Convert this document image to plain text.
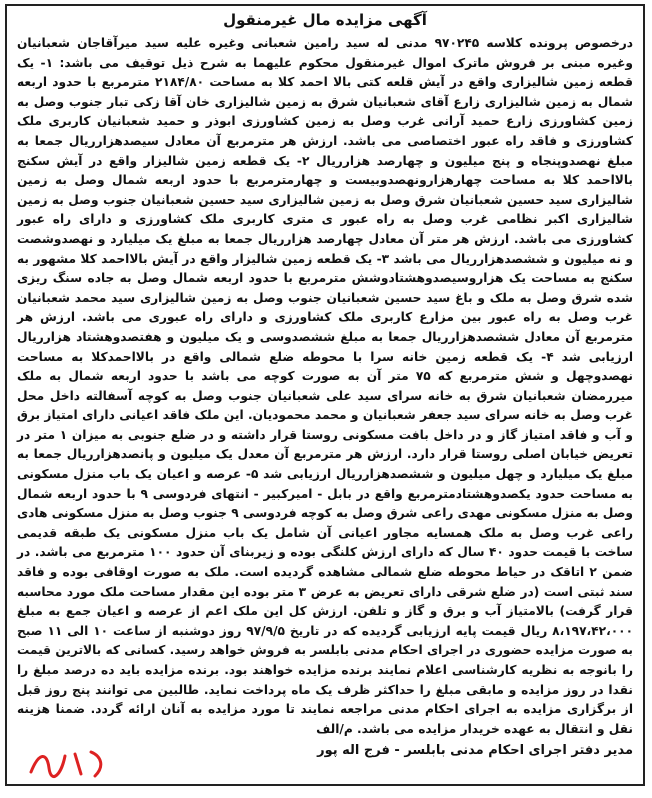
آگهی مزایده مال غیرمنقول

درخصوص پرونده کلاسه ۹۷۰۲۴۵ مدنی له سید رامین شعبانی وغیره علیه سید میرآقاجان شعبانیان وغیره مبنی بر فروش ماترک اموال غیرمنقول محکوم علیهما به شرح ذیل توقیف می باشد: ۱- یک قطعه زمین شالیزاری واقع در آیش قلعه کتی بالا احمد کلا به مساحت ۲۱۸۴/۸۰ مترمربع با حدود اربعه شمال به زمین شالیزاری زارع آقای شعبانیان شرق به زمین شالیزاری خان آقا زکی تبار جنوب وصل به زمین کشاورزی زارع حمید آرانی غرب وصل به زمین کشاورزی ابوذر و حمید شعبانیان کاربری ملک کشاورزی و فاقد راه عبور اختصاصی می باشد. ارزش هر مترمربع آن معادل سیصدهزارریال جمعا به مبلغ نهصدوپنجاه و پنج میلیون و چهارصد هزارریال ۲- یک قطعه زمین شالیزار واقع در آیش سکنج بالااحمد کلا به مساحت چهارهزارونهصدوبیست و چهارمترمربع با حدود اربعه شمال وصل به زمین شالیزاری سید حسین شعبانیان شرق وصل به زمین شالیزاری سید حسین شعبانیان جنوب وصل به زمین شالیزاری اکبر نظامی غرب وصل به راه عبور ی متری کاربری ملک کشاورزی و دارای راه عبور کشاورزی می باشد. ارزش هر متر آن معادل چهارصد هزارریال جمعا به مبلغ یک میلیارد و نهصدوشصت و نه میلیون و ششصدهزارریال می باشد ۳- یک قطعه زمین شالیزار واقع در آیش بالااحمد کلا مشهور به سکنج به مساحت یک هزاروسیصدوهشتادوشش مترمربع با حدود اربعه شمال وصل به جاده سنگ ریزی شده شرق وصل به ملک و باغ سید حسین شعبانیان جنوب وصل به زمین شالیزاری سید محمد شعبانیان غرب وصل به راه عبور بین مزارع کاربری ملک کشاورزی و دارای راه عبوری می باشد. ارزش هر مترمربع آن معادل ششصدهزارریال جمعا به مبلغ ششصدوسی و یک میلیون و هفتصدوهشتاد هزارریال ارزیابی شد ۴- یک قطعه زمین خانه سرا با محوطه ضلع شمالی واقع در بالااحمدکلا به مساحت نهصدوچهل و شش مترمربع که ۷۵ متر آن به صورت کوچه می باشد با حدود اربعه شمال به ملک میررمضان شعبانیان شرق به خانه سرای سید علی شعبانیان جنوب وصل به کوچه آسفالته داخل محل غرب وصل به خانه سرای سید جعفر شعبانیان و محمد محمودیان. این ملک فاقد اعیانی دارای امتیاز برق و آب و فاقد امتیاز گاز و در داخل بافت مسکونی روستا قرار داشته و در ضلع جنوبی به میزان ۱ متر در تعریض خیابان اصلی روستا قرار دارد. ارزش هر مترمربع آن معدل یک میلیون و پانصدهزارریال جمعا به مبلغ یک میلیارد و چهل میلیون و ششصدهزارریال ارزیابی شد ۵- عرصه و اعیان یک باب منزل مسکونی به مساحت حدود یکصدوهشتادمترمربع واقع در بابل - امیرکبیر - انتهای فردوسی ۹ با حدود اربعه شمال وصل به منزل مسکونی مهدی راعی شرق وصل به کوچه فردوسی ۹ جنوب وصل به منزل مسکونی هادی راعی غرب وصل به ملک همسایه مجاور اعیانی آن شامل یک باب منزل مسکونی یک طبقه قدیمی ساخت با قیمت حدود ۴۰ سال که دارای ارزش کلنگی بوده و زیربنای آن حدود ۱۰۰ مترمربع می باشد. در ضمن ۲ اتاقک در حیاط محوطه ضلع شمالی مشاهده گردیده است. ملک به صورت اوقافی بوده و فاقد سند ثبتی است (در ضلع شرقی دارای تعریض به عرض ۳ متر بوده این مقدار مساحت ملک مورد محاسبه قرار گرفت) بالامتیاز آب و برق و گاز و تلفن. ارزش کل این ملک اعم از عرصه و اعیان جمع به مبلغ ۸،۱۹۷،۴۲،۰۰۰ ریال قیمت پایه ارزیابی گردیده که در تاریخ ۹۷/۹/۵ روز دوشنبه از ساعت ۱۰ الی ۱۱ صبح به صورت مزایده حضوری در اجرای احکام مدنی بابلسر به فروش خواهد رسید. کسانی که بالاترین قیمت را بانوجه به نظریه کارشناسی اعلام نمایند برنده مزایده خواهند بود. برنده مزایده باید ده درصد مبلغ را نقدا در روز مزایده و مابقی مبلغ را حداکثر ظرف یک ماه پرداخت نماید. طالبین می توانند پنج روز قبل از برگزاری مزایده به اجرای احکام مدنی مراجعه نمایند تا مورد مزایده به آنان ارائه گردد. ضمنا هزینه نقل و انتقال به عهده خریدار مزایده می باشد. م/الف

مدیر دفتر اجرای احکام مدنی بابلسر - فرج اله پور
